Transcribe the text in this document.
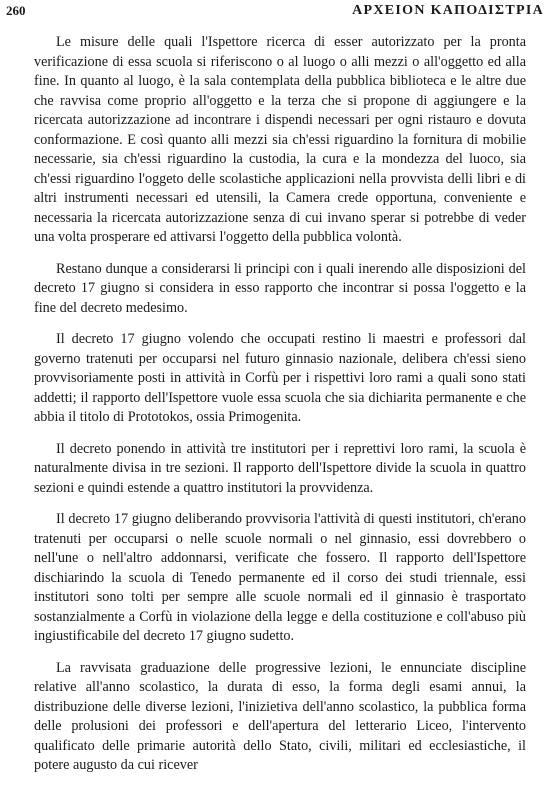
260	ΑΡΧΕΙΟΝ ΚΑΠΟΔΙΣΤΡΙΑ

Le misure delle quali l'Ispettore ricerca di esser autorizzato per la pronta verificazione di essa scuola si riferiscono o al luogo o alli mezzi o all'oggetto ed alla fine. In quanto al luogo, è la sala contemplata della pubblica biblioteca e le altre due che ravvisa come proprio all'oggetto e la terza che si propone di aggiungere e la ricercata autorizzazione ad incontrare i dispendi necessari per ogni ristauro e dovuta conformazione. E così quanto alli mezzi sia ch'essi riguardino la fornitura di mobilie necessarie, sia ch'essi riguardino la custodia, la cura e la mondezza del luoco, sia ch'essi riguardino l'oggeto delle scolastiche applicazioni nella provvista delli libri e di altri instrumenti necessari ed utensili, la Camera crede opportuna, conveniente e necessaria la ricercata autorizzazione senza di cui invano sperar si potrebbe di veder una volta prosperare ed attivarsi l'oggetto della pubblica volontà.

Restano dunque a considerarsi li principi con i quali inerendo alle disposizioni del decreto 17 giugno si considera in esso rapporto che incontrar si possa l'oggetto e la fine del decreto medesimo.

Il decreto 17 giugno volendo che occupati restino li maestri e professori dal governo tratenuti per occuparsi nel futuro ginnasio nazionale, delibera ch'essi sieno provvisoriamente posti in attività in Corfù per i rispettivi loro rami a quali sono stati addetti; il rapporto dell'Ispettore vuole essa scuola che sia dichiarita permanente e che abbia il titolo di Prototokos, ossia Primogenita.

Il decreto ponendo in attività tre institutori per i reprettivi loro rami, la scuola è naturalmente divisa in tre sezioni. Il rapporto dell'Ispettore divide la scuola in quattro sezioni e quindi estende a quattro institutori la provvidenza.

Il decreto 17 giugno deliberando provvisoria l'attività di questi institutori, ch'erano tratenuti per occuparsi o nelle scuole normali o nel ginnasio, essi dovrebbero o nell'une o nell'altro addonnarsi, verificate che fossero. Il rapporto dell'Ispettore dischiarindo la scuola di Tenedo permanente ed il corso dei studi triennale, essi institutori sono tolti per sempre alle scuole normali ed il ginnasio è trasportato sostanzialmente a Corfù in violazione della legge e della costituzione e coll'abuso più ingiustificabile del decreto 17 giugno sudetto.

La ravvisata graduazione delle progressive lezioni, le ennunciate discipline relative all'anno scolastico, la durata di esso, la forma degli esami annui, la distribuzione delle diverse lezioni, l'inizietiva dell'anno scolastico, la pubblica forma delle prolusioni dei professori e dell'apertura del letterario Liceo, l'intervento qualificato delle primarie autorità dello Stato, civili, militari ed ecclesiastiche, il potere augusto da cui ricever
